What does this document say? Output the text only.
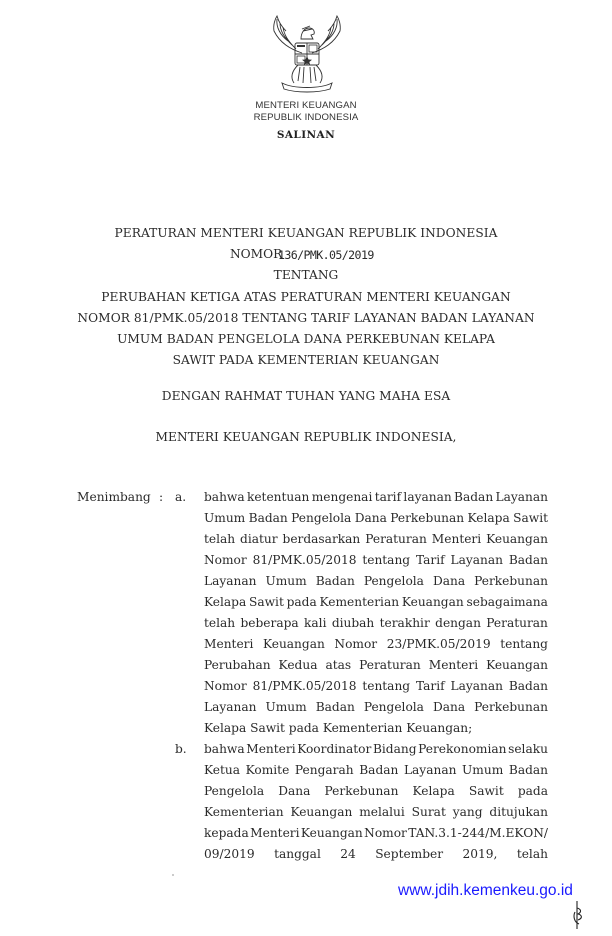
MENTERI KEUANGAN
REPUBLIK INDONESIA
SALINAN
PERATURAN MENTERI KEUANGAN REPUBLIK INDONESIA
NOMOR
136/PMK.05/2019
TENTANG
PERUBAHAN KETIGA ATAS PERATURAN MENTERI KEUANGAN
NOMOR 81/PMK.05/2018 TENTANG TARIF LAYANAN BADAN LAYANAN
UMUM BADAN PENGELOLA DANA PERKEBUNAN KELAPA
SAWIT PADA KEMENTERIAN KEUANGAN
DENGAN RAHMAT TUHAN YANG MAHA ESA
MENTERI KEUANGAN REPUBLIK INDONESIA,
Menimbang : a. bahwa ketentuan mengenai tarif layanan Badan Layanan
Umum Badan Pengelola Dana Perkebunan Kelapa Sawit
telah diatur berdasarkan Peraturan Menteri Keuangan
Nomor 81/PMK.05/2018 tentang Tarif Layanan Badan
Layanan Umum Badan Pengelola Dana Perkebunan
Kelapa Sawit pada Kementerian Keuangan sebagaimana
telah beberapa kali diubah terakhir dengan Peraturan
Menteri Keuangan Nomor 23/PMK.05/2019 tentang
Perubahan Kedua atas Peraturan Menteri Keuangan
Nomor 81/PMK.05/2018 tentang Tarif Layanan Badan
Layanan Umum Badan Pengelola Dana Perkebunan
Kelapa Sawit pada Kementerian Keuangan;
b. bahwa Menteri Koordinator Bidang Perekonomian selaku
Ketua Komite Pengarah Badan Layanan Umum Badan
Pengelola Dana Perkebunan Kelapa Sawit pada
Kementerian Keuangan melalui Surat yang ditujukan
kepada Menteri Keuangan Nomor TAN.3.1-244/M.EKON/
09/2019 tanggal 24 September 2019, telah
www.jdih.kemenkeu.go.id
